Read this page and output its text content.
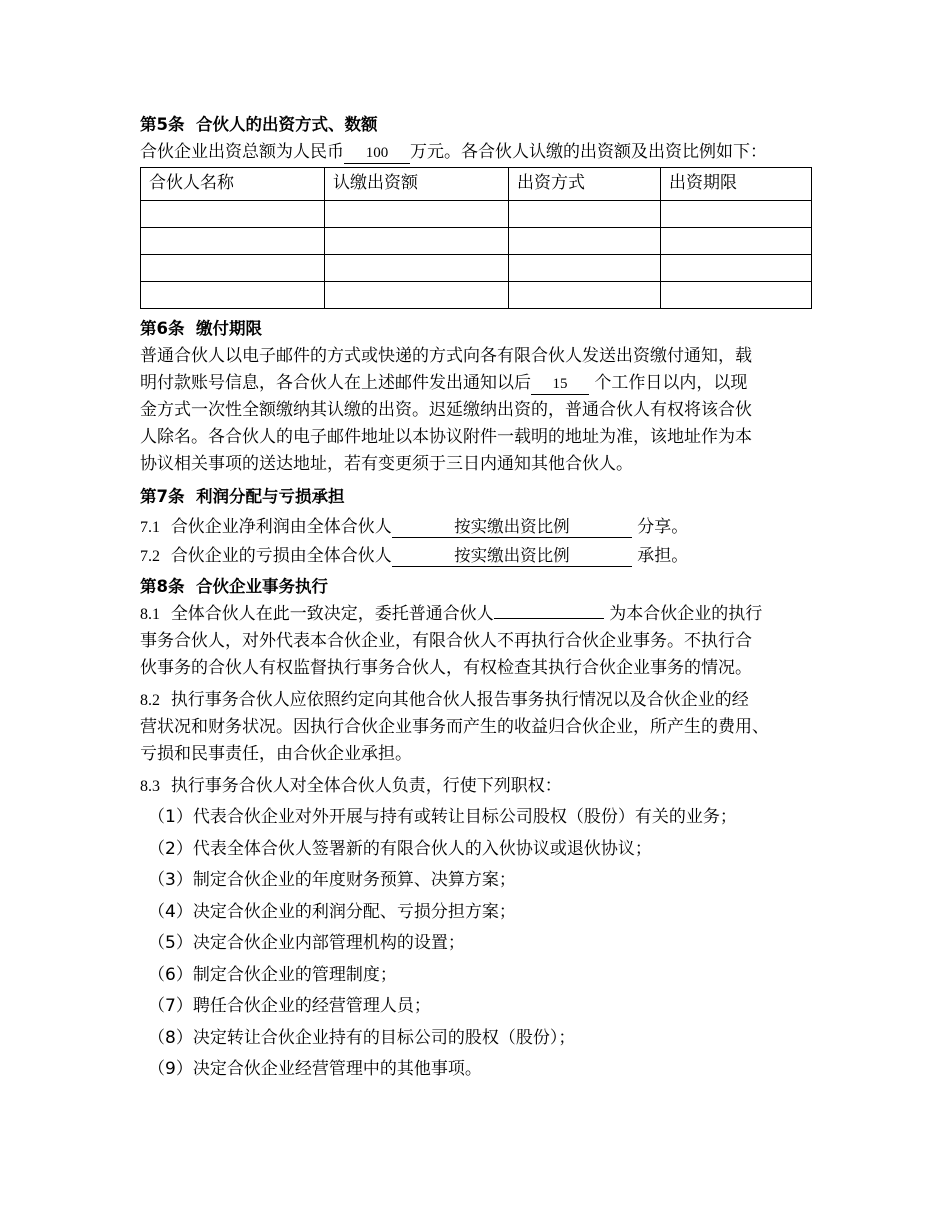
第5条 合伙人的出资方式、数额
合伙企业出资总额为人民币 100 万元。各合伙人认缴的出资额及出资比例如下：
合伙人名称	认缴出资额	出资方式	出资期限

第6条 缴付期限
普通合伙人以电子邮件的方式或快递的方式向各有限合伙人发送出资缴付通知，载
明付款账号信息，各合伙人在上述邮件发出通知以后 15 个工作日以内，以现
金方式一次性全额缴纳其认缴的出资。迟延缴纳出资的，普通合伙人有权将该合伙
人除名。各合伙人的电子邮件地址以本协议附件一载明的地址为准，该地址作为本
协议相关事项的送达地址，若有变更须于三日内通知其他合伙人。
第7条 利润分配与亏损承担
7.1 合伙企业净利润由全体合伙人	按实缴出资比例	分享。
7.2 合伙企业的亏损由全体合伙人	按实缴出资比例	承担。
第8条 合伙企业事务执行
8.1 全体合伙人在此一致决定，委托普通合伙人	为本合伙企业的执行
事务合伙人，对外代表本合伙企业，有限合伙人不再执行合伙企业事务。不执行合
伙事务的合伙人有权监督执行事务合伙人，有权检查其执行合伙企业事务的情况。
8.2 执行事务合伙人应依照约定向其他合伙人报告事务执行情况以及合伙企业的经
营状况和财务状况。因执行合伙企业事务而产生的收益归合伙企业，所产生的费用、
亏损和民事责任，由合伙企业承担。
8.3 执行事务合伙人对全体合伙人负责，行使下列职权：
（1）代表合伙企业对外开展与持有或转让目标公司股权（股份）有关的业务；
（2）代表全体合伙人签署新的有限合伙人的入伙协议或退伙协议；
（3）制定合伙企业的年度财务预算、决算方案；
（4）决定合伙企业的利润分配、亏损分担方案；
（5）决定合伙企业内部管理机构的设置；
（6）制定合伙企业的管理制度；
（7）聘任合伙企业的经营管理人员；
（8）决定转让合伙企业持有的目标公司的股权（股份）；
（9）决定合伙企业经营管理中的其他事项。
